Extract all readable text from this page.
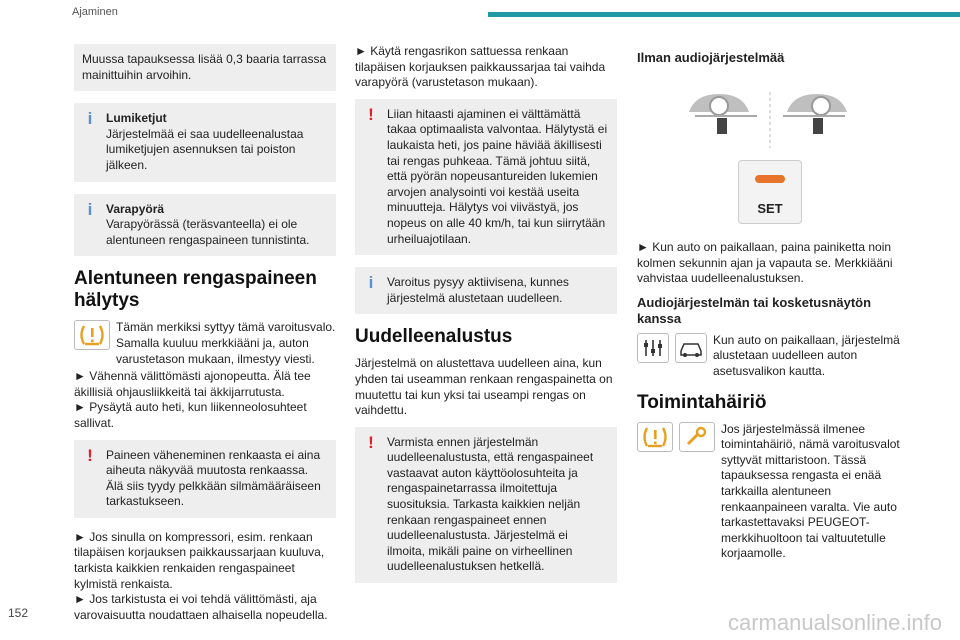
Ajaminen

Muussa tapauksessa lisää 0,3 baaria tarrassa mainittuihin arvoihin.

i	Lumiketjut

Järjestelmää ei saa uudelleenalustaa lumiketjujen asennuksen tai poiston jälkeen.

i	Varapyörä

Varapyörässä (teräsvanteella) ei ole alentuneen rengaspaineen tunnistinta.

Alentuneen rengaspaineen hälytys

Tämän merkiksi syttyy tämä varoitusvalo. Samalla kuuluu merkkiääni ja, auton varustetason mukaan, ilmestyy viesti.

► Vähennä välittömästi ajonopeutta. Älä tee äkillisiä ohjausliikkeitä tai äkkijarrutusta.

► Pysäytä auto heti, kun liikenneolosuhteet sallivat.

!	Paineen väheneminen renkaasta ei aina aiheuta näkyvää muutosta renkaassa. Älä siis tyydy pelkkään silmämääräiseen tarkastukseen.

► Jos sinulla on kompressori, esim. renkaan tilapäisen korjauksen paikkaussarjaan kuuluva, tarkista kaikkien renkaiden rengaspaineet kylmistä renkaista.

► Jos tarkistusta ei voi tehdä välittömästi, aja varovaisuutta noudattaen alhaisella nopeudella.

► Käytä rengasrikon sattuessa renkaan tilapäisen korjauksen paikkaussarjaa tai vaihda varapyörä (varustetason mukaan).

!	Liian hitaasti ajaminen ei välttämättä takaa optimaalista valvontaa. Hälytystä ei laukaista heti, jos paine häviää äkillisesti tai rengas puhkeaa. Tämä johtuu siitä, että pyörän nopeusantureiden lukemien arvojen analysointi voi kestää useita minuutteja. Hälytys voi viivästyä, jos nopeus on alle 40 km/h, tai kun siirrytään urheiluajotilaan.

i	Varoitus pysyy aktiivisena, kunnes järjestelmä alustetaan uudelleen.

Uudelleenalustus

Järjestelmä on alustettava uudelleen aina, kun yhden tai useamman renkaan rengaspainetta on muutettu tai kun yksi tai useampi rengas on vaihdettu.

!	Varmista ennen järjestelmän uudelleenalustusta, että rengaspaineet vastaavat auton käyttöolosuhteita ja rengaspainetarrassa ilmoitettuja suosituksia. Tarkasta kaikkien neljän renkaan rengaspaineet ennen uudelleenalustusta. Järjestelmä ei ilmoita, mikäli paine on virheellinen uudelleenalustuksen hetkellä.

Ilman audiojärjestelmää
SET

► Kun auto on paikallaan, paina painiketta noin kolmen sekunnin ajan ja vapauta se. Merkkiääni vahvistaa uudelleenalustuksen.

Audiojärjestelmän tai kosketusnäytön kanssa

Kun auto on paikallaan, järjestelmä alustetaan uudelleen auton asetusvalikon kautta.

Toimintahäiriö

Jos järjestelmässä ilmenee toimintahäiriö, nämä varoitusvalot syttyvät mittaristoon. Tässä tapauksessa rengasta ei enää tarkkailla alentuneen renkaanpaineen varalta. Vie auto tarkastettavaksi PEUGEOT-merkkihuoltoon tai valtuutetulle korjaamolle.

152	carmanualsonline.info
